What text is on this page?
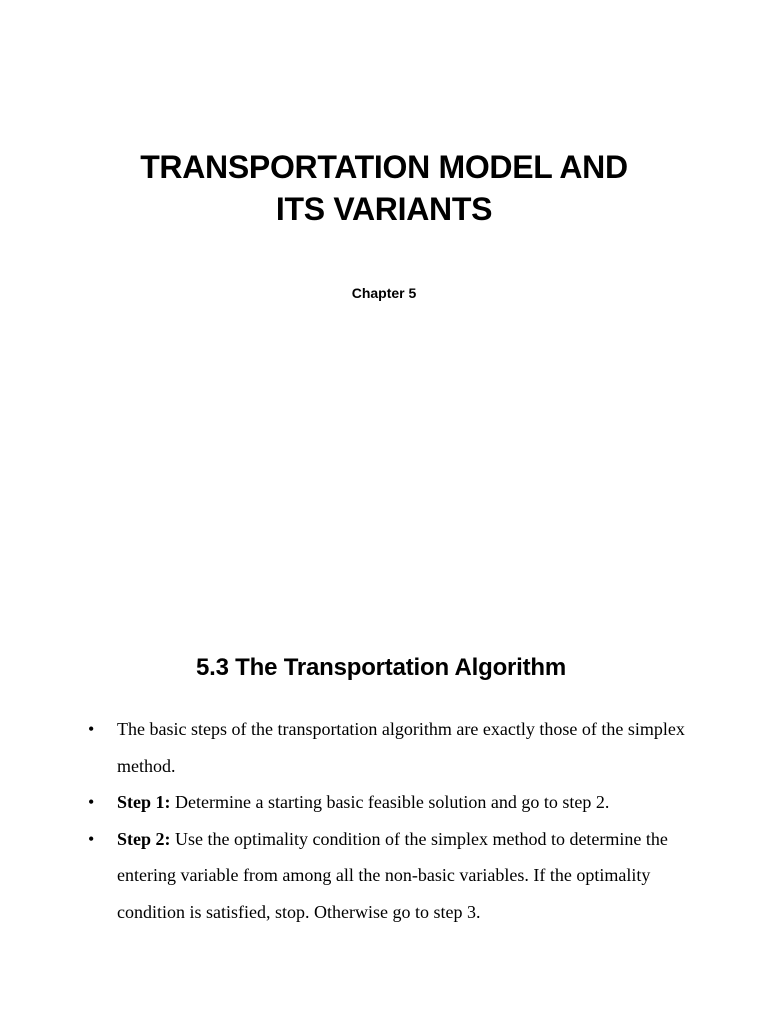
TRANSPORTATION MODEL AND
ITS VARIANTS

Chapter 5

5.3 The Transportation Algorithm
• The basic steps of the transportation algorithm are exactly those of the simplex method.
• Step 1: Determine a starting basic feasible solution and go to step 2.
• Step 2: Use the optimality condition of the simplex method to determine the entering variable from among all the non-basic variables. If the optimality condition is satisfied, stop. Otherwise go to step 3.
